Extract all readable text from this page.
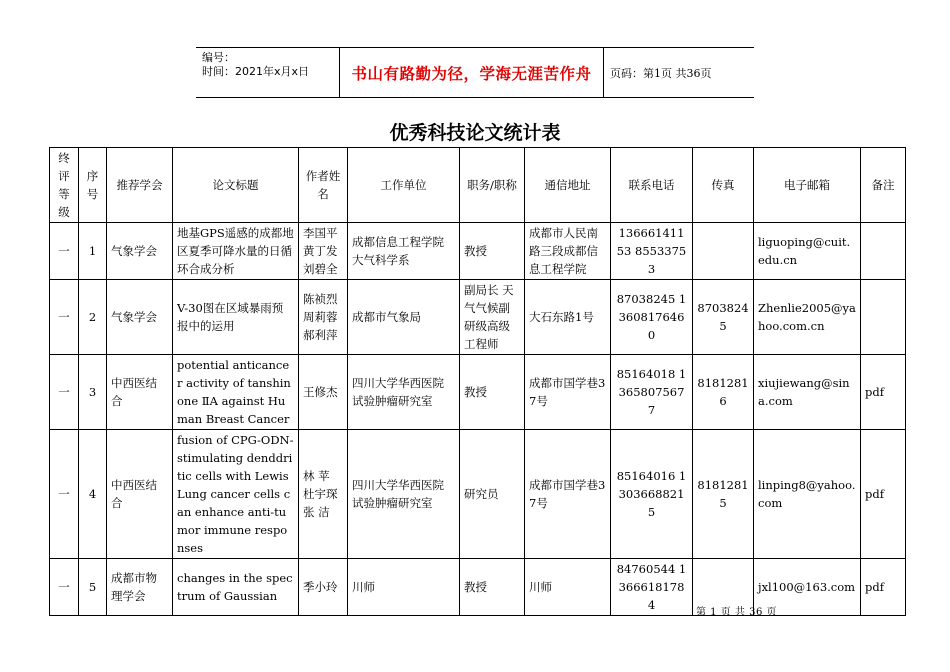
编号：
时间：2021年x月x日	书山有路勤为径，学海无涯苦作舟	页码：第1页 共36页
优秀科技论文统计表
终评等级	序号	推荐学会	论文标题	作者姓名	工作单位	职务/职称	通信地址	联系电话	传真	电子邮箱	备注
一	1	气象学会	地基GPS遥感的成都地区夏季可降水量的日循环合成分析	李国平 黄丁发 刘碧全	成都信息工程学院大气科学系	教授	成都市人民南路三段成都信息工程学院	13666141153 85533753		liguoping@cuit.edu.cn	
一	2	气象学会	V-30图在区域暴雨预报中的运用	陈祯烈 周莉蓉 郝利萍	成都市气象局	副局长 天气气候副研级高级工程师	大石东路1号	87038245 13608176460	87038245	Zhenlie2005@yahoo.com.cn	
一	3	中西医结合	potential anticancer activity of tanshinone ⅡA against Human Breast Cancer	王修杰	四川大学华西医院试验肿瘤研究室	教授	成都市国学巷37号	85164018 13658075677	81812816	xiujiewang@sina.com	pdf
一	4	中西医结合	fusion of CPG-ODN-stimulating denddritic cells with Lewis Lung cancer cells can enhance anti-tumor immune responses	林 苹 杜宇琛 张 洁	四川大学华西医院试验肿瘤研究室	研究员	成都市国学巷37号	85164016 13036688215	81812815	linping8@yahoo.com	pdf
一	5	成都市物理学会	changes in the spectrum of Gaussian	季小玲	川师	教授	川师	84760544 13666181784		jxl100@163.com	pdf
第 1 页 共 36 页
